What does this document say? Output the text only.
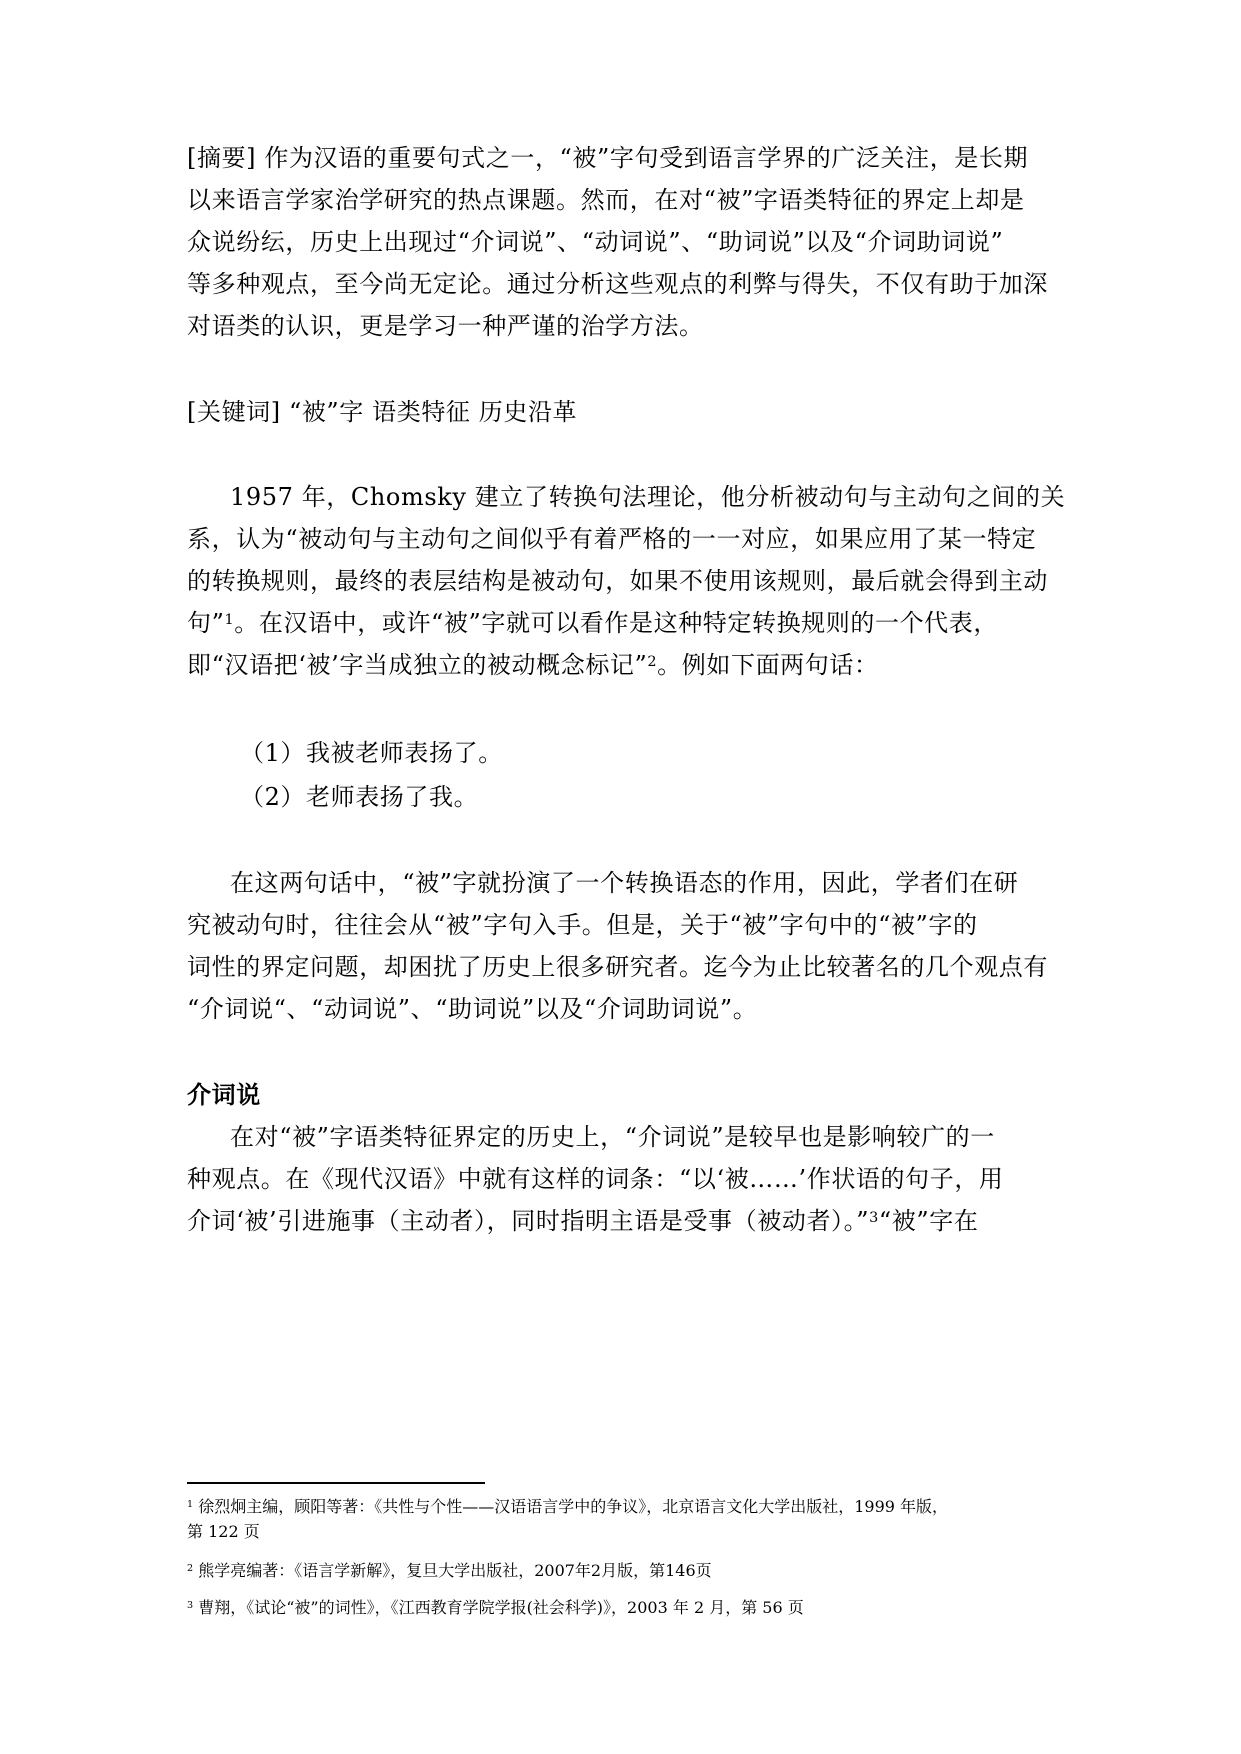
[摘要] 作为汉语的重要句式之一，“被”字句受到语言学界的广泛关注，是长期
以来语言学家治学研究的热点课题。然而，在对“被”字语类特征的界定上却是
众说纷纭，历史上出现过“介词说”、“动词说”、“助词说”以及“介词助词说”
等多种观点，至今尚无定论。通过分析这些观点的利弊与得失，不仅有助于加深
对语类的认识，更是学习一种严谨的治学方法。
[关键词] “被”字 语类特征 历史沿革
1957 年，Chomsky 建立了转换句法理论，他分析被动句与主动句之间的关
系，认为“被动句与主动句之间似乎有着严格的一一对应，如果应用了某一特定
的转换规则，最终的表层结构是被动句，如果不使用该规则，最后就会得到主动
句”$^1$。在汉语中，或许“被”字就可以看作是这种特定转换规则的一个代表，
即“汉语把‘被’字当成独立的被动概念标记”$^2$。例如下面两句话：
（1） 我被老师表扬了。
（2） 老师表扬了我。
在这两句话中，“被”字就扮演了一个转换语态的作用，因此，学者们在研
究被动句时，往往会从“被”字句入手。但是，关于“被”字句中的“被”字的
词性的界定问题，却困扰了历史上很多研究者。迄今为止比较著名的几个观点有
“介词说“、“动词说”、“助词说”以及“介词助词说”。
介词说
在对“被”字语类特征界定的历史上，“介词说”是较早也是影响较广的一
种观点。在《现代汉语》中就有这样的词条：“以‘被……’作状语的句子，用
介词‘被’引进施事（主动者），同时指明主语是受事（被动者）。”$^3$“被”字在
$^1$ 徐烈炯主编，顾阳等著：《共性与个性——汉语语言学中的争议》，北京语言文化大学出版社，1999 年版，
第 122 页
$^2$ 熊学亮编著：《语言学新解》，复旦大学出版社，2007年2月版，第146页
$^3$ 曹翔，《试论“被”的词性》，《江西教育学院学报(社会科学)》，2003 年 2 月，第 56 页
